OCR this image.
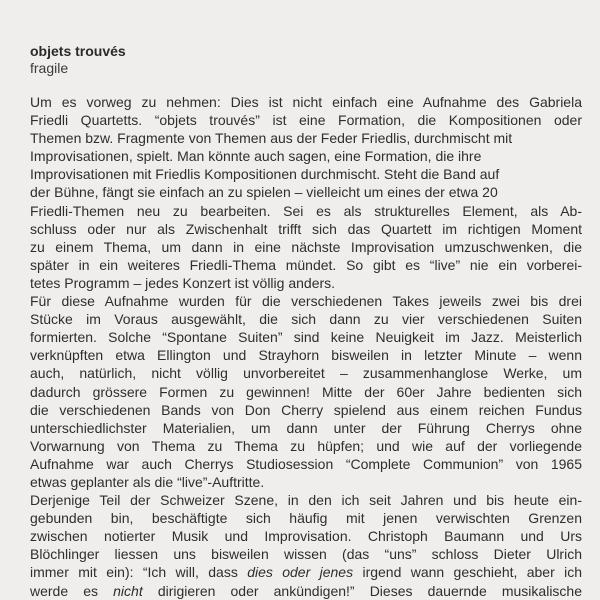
objets trouvés
fragile
Um es vorweg zu nehmen: Dies ist nicht einfach eine Aufnahme des Gabriela
Friedli Quartetts. “objets trouvés” ist eine Formation, die Kompositionen oder
Themen bzw. Fragmente von Themen aus der Feder Friedlis, durchmischt mit
Improvisationen, spielt. Man könnte auch sagen, eine Formation, die ihre
Improvisationen mit Friedlis Kompositionen durchmischt. Steht die Band auf
der Bühne, fängt sie einfach an zu spielen – vielleicht um eines der etwa 20
Friedli-Themen neu zu bearbeiten. Sei es als strukturelles Element, als Ab-
schluss oder nur als Zwischenhalt trifft sich das Quartett im richtigen Moment
zu einem Thema, um dann in eine nächste Improvisation umzuschwenken, die
später in ein weiteres Friedli-Thema mündet. So gibt es “live” nie ein vorberei-
tetes Programm – jedes Konzert ist völlig anders.
Für diese Aufnahme wurden für die verschiedenen Takes jeweils zwei bis drei
Stücke im Voraus ausgewählt, die sich dann zu vier verschiedenen Suiten
formierten. Solche “Spontane Suiten” sind keine Neuigkeit im Jazz. Meisterlich
verknüpften etwa Ellington und Strayhorn bisweilen in letzter Minute – wenn
auch, natürlich, nicht völlig unvorbereitet – zusammenhanglose Werke, um
dadurch grössere Formen zu gewinnen! Mitte der 60er Jahre bedienten sich
die verschiedenen Bands von Don Cherry spielend aus einem reichen Fundus
unterschiedlichster Materialien, um dann unter der Führung Cherrys ohne
Vorwarnung von Thema zu Thema zu hüpfen; und wie auf der vorliegende
Aufnahme war auch Cherrys Studiosession “Complete Communion” von 1965
etwas geplanter als die “live”-Auftritte.
Derjenige Teil der Schweizer Szene, in den ich seit Jahren und bis heute ein-
gebunden bin, beschäftigte sich häufig mit jenen verwischten Grenzen
zwischen notierter Musik und Improvisation. Christoph Baumann und Urs
Blöchlinger liessen uns bisweilen wissen (das “uns” schloss Dieter Ulrich
immer mit ein): “Ich will, dass dies oder jenes irgend wann geschieht, aber ich
werde es nicht dirigieren oder ankündigen!” Dieses dauernde musikalische
